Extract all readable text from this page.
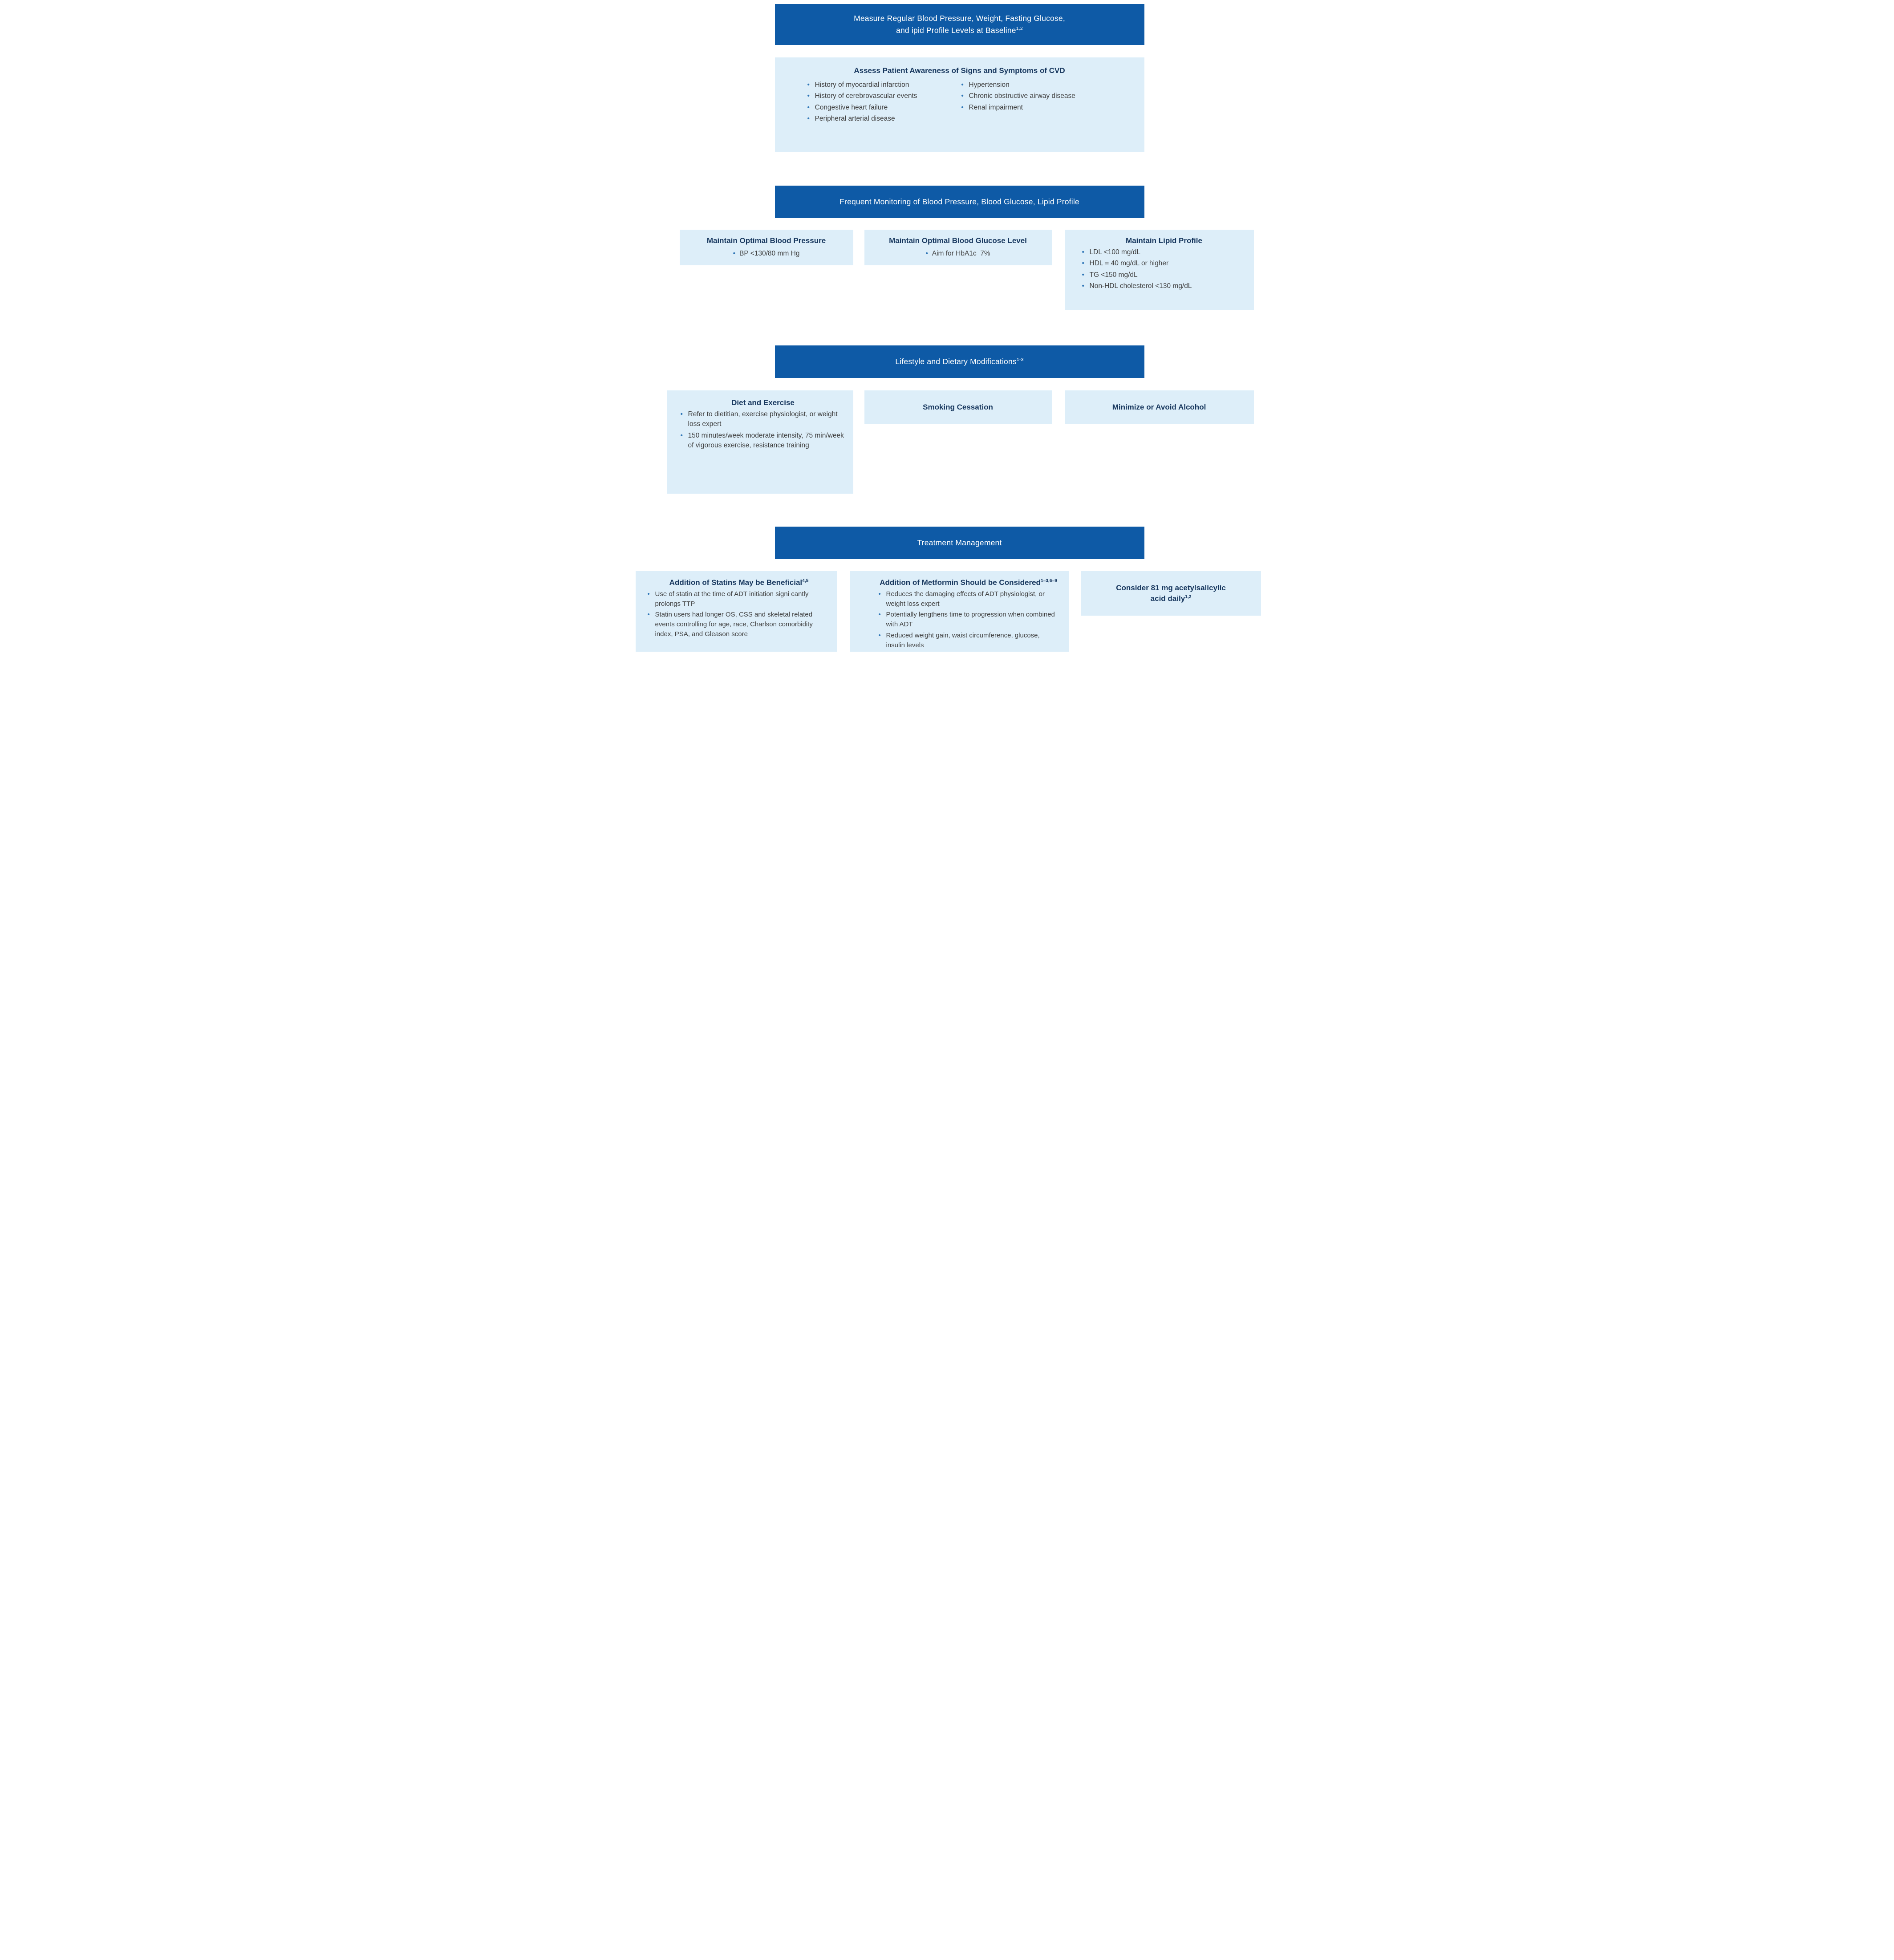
Measure Regular Blood Pressure, Weight, Fasting Glucose,
and ipid Profile Levels at Baseline$^{1,2}$
Assess Patient Awareness of Signs and Symptoms of CVD
• History of myocardial infarction
• History of cerebrovascular events
• Congestive heart failure
• Peripheral arterial disease
• Hypertension
• Chronic obstructive airway disease
• Renal impairment
Frequent Monitoring of Blood Pressure, Blood Glucose, Lipid Profile
Maintain Optimal Blood Pressure
• BP <130/80 mm Hg
Maintain Optimal Blood Glucose Level
• Aim for HbA1c  7%
Maintain Lipid Profile
• LDL <100 mg/dL
• HDL = 40 mg/dL or higher
• TG <150 mg/dL
• Non-HDL cholesterol <130 mg/dL
Lifestyle and Dietary Modifications$^{1-3}$
Diet and Exercise
• Refer to dietitian, exercise physiologist, or weight loss expert
• 150 minutes/week moderate intensity, 75 min/week of vigorous exercise, resistance training
Smoking Cessation	Minimize or Avoid Alcohol
Treatment Management
Addition of Statins May be Beneficial$^{4,5}$
• Use of statin at the time of ADT initiation signi cantly prolongs TTP
• Statin users had longer OS, CSS and skeletal related events controlling for age, race, Charlson comorbidity index, PSA, and Gleason score
Addition of Metformin Should be Considered$^{1-3,6-9}$
• Reduces the damaging effects of ADT physiologist, or weight loss expert
• Potentially lengthens time to progression when combined with ADT
• Reduced weight gain, waist circumference, glucose, insulin levels
Consider 81 mg acetylsalicylic
acid daily$^{1,2}$
